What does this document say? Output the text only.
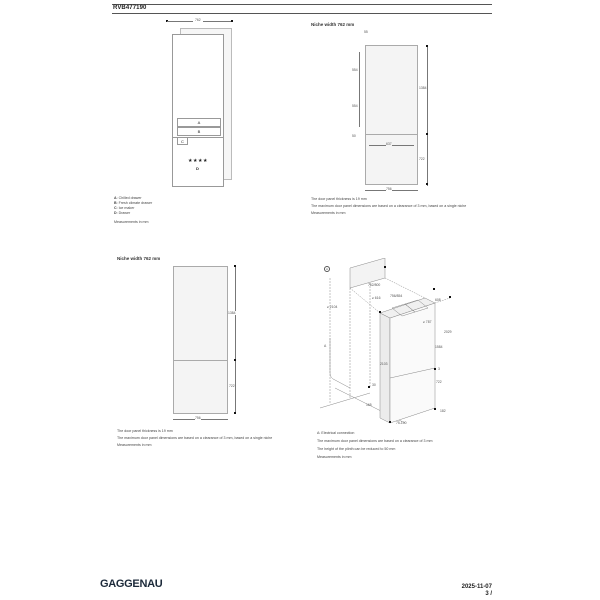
RVB477190
762
A
B
C
★★★★
D
A: Chilled drawer
B: Fresh climate drawer
C: Ice maker
D: Drawer
Measurements in mm
Niche width 762 mm
55
1384
722
554
554
50
637
756
The door panel thickness is 19 mm
The maximum door panel dimensions are based on a clearance of 3 mm, based on a single niche
Measurements in mm
Niche width 762 mm
1384
722
756
The door panel thickness is 19 mm
The maximum door panel dimensions are based on a clearance of 3 mm, based on a single niche
Measurements in mm
A
762/800
≥ 616	756/854
608
≥ 2104
≥ 787
2029
1584
3
722
2103
30
165
182
75-100
A
A: Electrical connection
The maximum door panel dimensions are based on a clearance of 3 mm
The height of the plinth can be reduced to 50 mm
Measurements in mm
GAGGENAU	2025-11-07
3 /
